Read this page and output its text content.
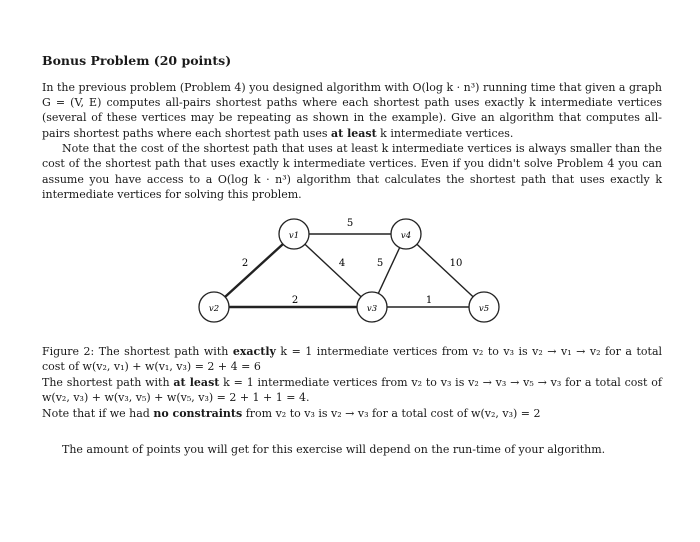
Bonus Problem (20 points)

In the previous problem (Problem 4) you designed algorithm with O(log k · n³) running time that given a graph G = (V, E) computes all-pairs shortest paths where each shortest path uses exactly k intermediate vertices (several of these vertices may be repeating as shown in the example). Give an algorithm that computes all-pairs shortest paths where each shortest path uses at least k intermediate vertices.

Note that the cost of the shortest path that uses at least k intermediate vertices is always smaller than the cost of the shortest path that uses exactly k intermediate vertices. Even if you didn't solve Problem 4 you can assume you have access to a O(log k · n³) algorithm that calculates the shortest path that uses exactly k intermediate vertices for solving this problem.

5
2	4	5	10
2	1
v1	v4
v2	v3	v5

Figure 2: The shortest path with exactly k = 1 intermediate vertices from v₂ to v₃ is v₂ → v₁ → v₂ for a total cost of w(v₂, v₁) + w(v₁, v₃) = 2 + 4 = 6

The shortest path with at least k = 1 intermediate vertices from v₂ to v₃ is v₂ → v₃ → v₅ → v₃ for a total cost of w(v₂, v₃) + w(v₃, v₅) + w(v₅, v₃) = 2 + 1 + 1 = 4.

Note that if we had no constraints from v₂ to v₃ is v₂ → v₃ for a total cost of w(v₂, v₃) = 2

The amount of points you will get for this exercise will depend on the run-time of your algorithm.
